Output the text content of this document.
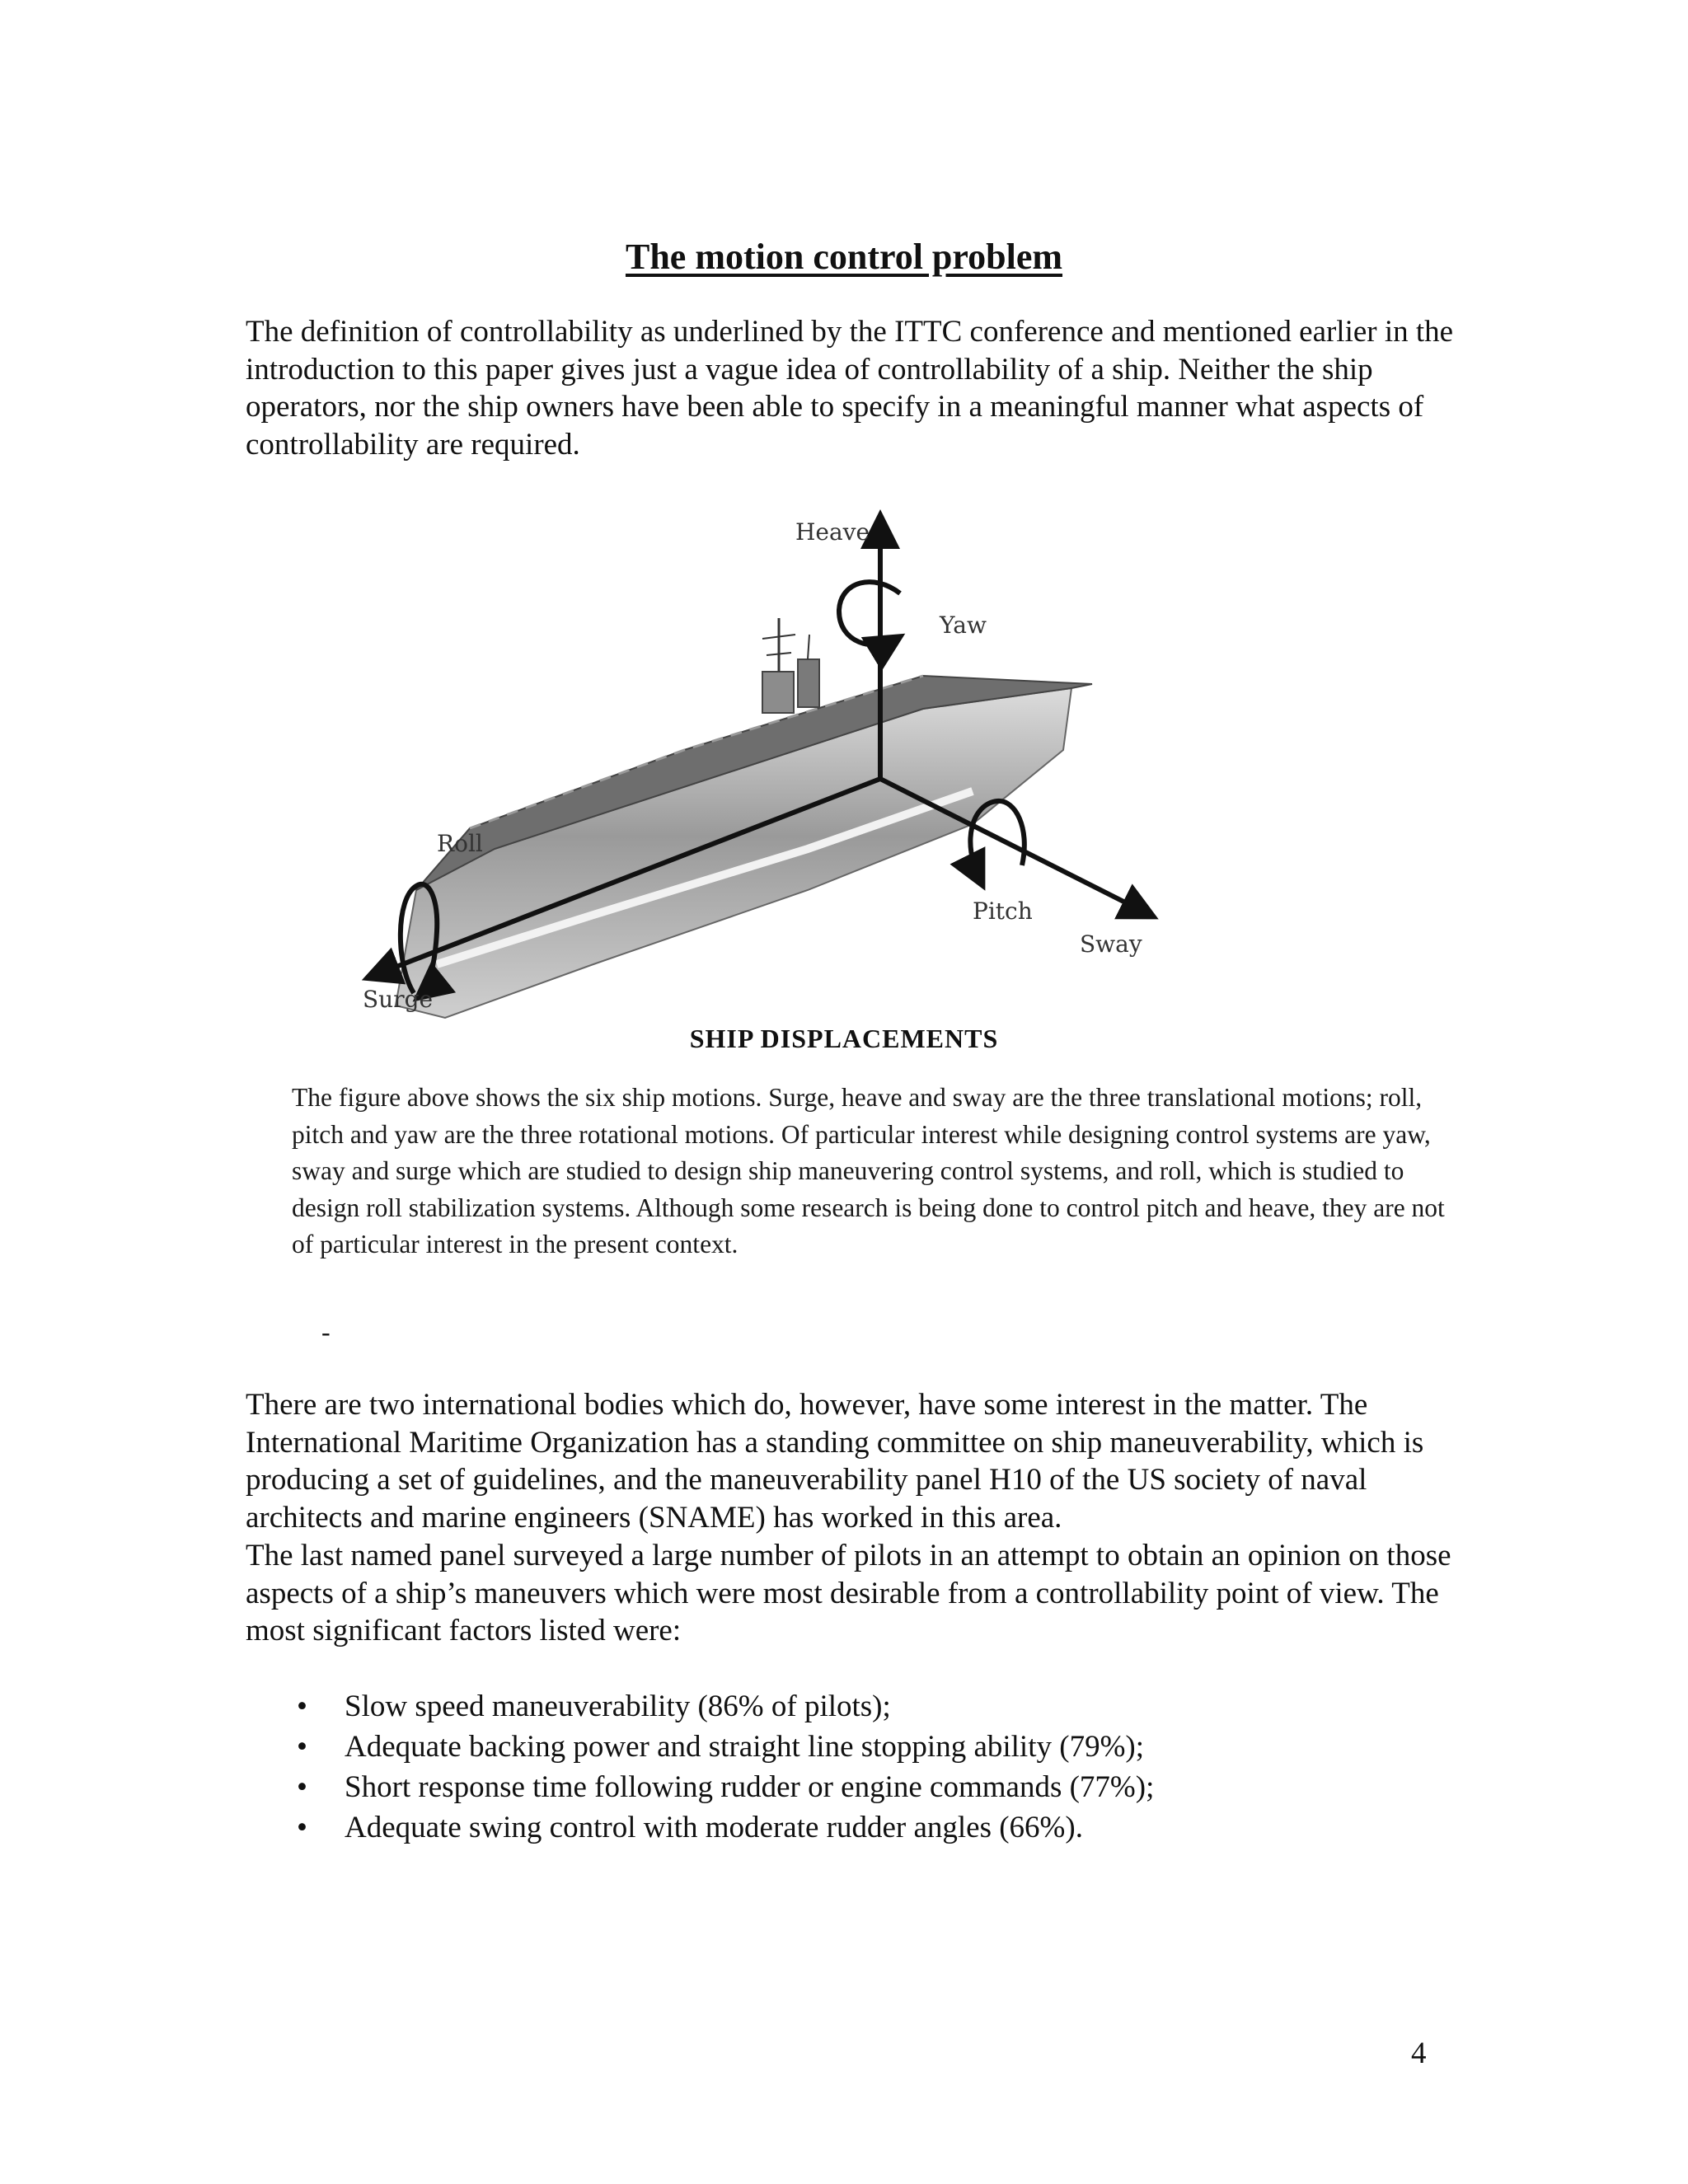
The motion control problem

The definition of controllability as underlined by the ITTC conference and mentioned earlier in the introduction to this paper gives just a vague idea of controllability of a ship. Neither the ship operators, nor the ship owners have been able to specify in a meaningful manner what aspects of controllability are required.

Heave
Yaw
Roll
Pitch
Sway
Surge

SHIP DISPLACEMENTS

The figure above shows the six ship motions. Surge, heave and sway are the three translational motions; roll, pitch and yaw are the three rotational motions. Of particular interest while designing control systems are yaw, sway and surge which are studied to design ship maneuvering control systems, and roll, which is studied to design roll stabilization systems. Although some research is being done to control pitch and heave, they are not of particular interest in the present context.

-

There are two international bodies which do, however, have some interest in the matter. The International Maritime Organization has a standing committee on ship maneuverability, which is producing a set of guidelines, and the maneuverability panel H10 of the US society of naval architects and marine engineers (SNAME) has worked in this area.

The last named panel surveyed a large number of pilots in an attempt to obtain an opinion on those aspects of a ship’s maneuvers which were most desirable from a controllability point of view. The most significant factors listed were:

• Slow speed maneuverability (86% of pilots);
• Adequate backing power and straight line stopping ability (79%);
• Short response time following rudder or engine commands (77%);
• Adequate swing control with moderate rudder angles (66%).

4
